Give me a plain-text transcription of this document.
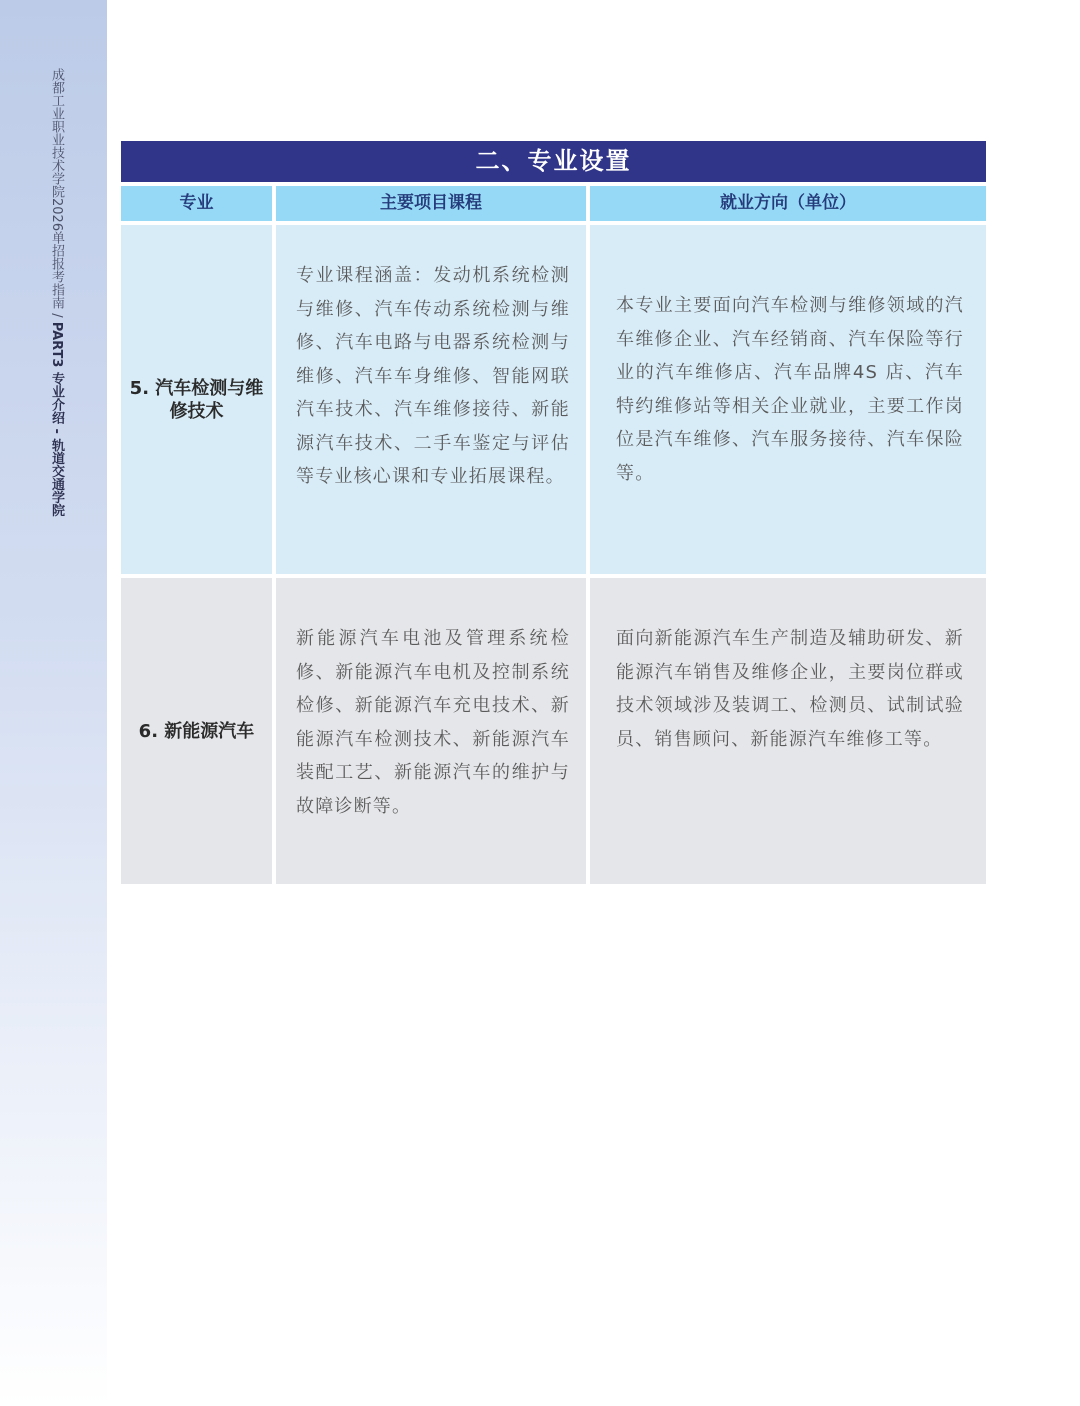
成都工业职业技术学院2026单招报考指南 / PART3 专业介绍 - 轨道交通学院
二、专业设置
专业	主要项目课程	就业方向（单位）
5. 汽车检测与维修技术
专业课程涵盖：发动机系统检测与维修、汽车传动系统检测与维修、汽车电路与电器系统检测与维修、汽车车身维修、智能网联汽车技术、汽车维修接待、新能源汽车技术、二手车鉴定与评估等专业核心课和专业拓展课程。
本专业主要面向汽车检测与维修领域的汽车维修企业、汽车经销商、汽车保险等行业的汽车维修店、汽车品牌4S 店、汽车特约维修站等相关企业就业，主要工作岗位是汽车维修、汽车服务接待、汽车保险等。
6. 新能源汽车
新能源汽车电池及管理系统检修、新能源汽车电机及控制系统检修、新能源汽车充电技术、新能源汽车检测技术、新能源汽车装配工艺、新能源汽车的维护与故障诊断等。
面向新能源汽车生产制造及辅助研发、新能源汽车销售及维修企业，主要岗位群或技术领域涉及装调工、检测员、试制试验员、销售顾问、新能源汽车维修工等。
